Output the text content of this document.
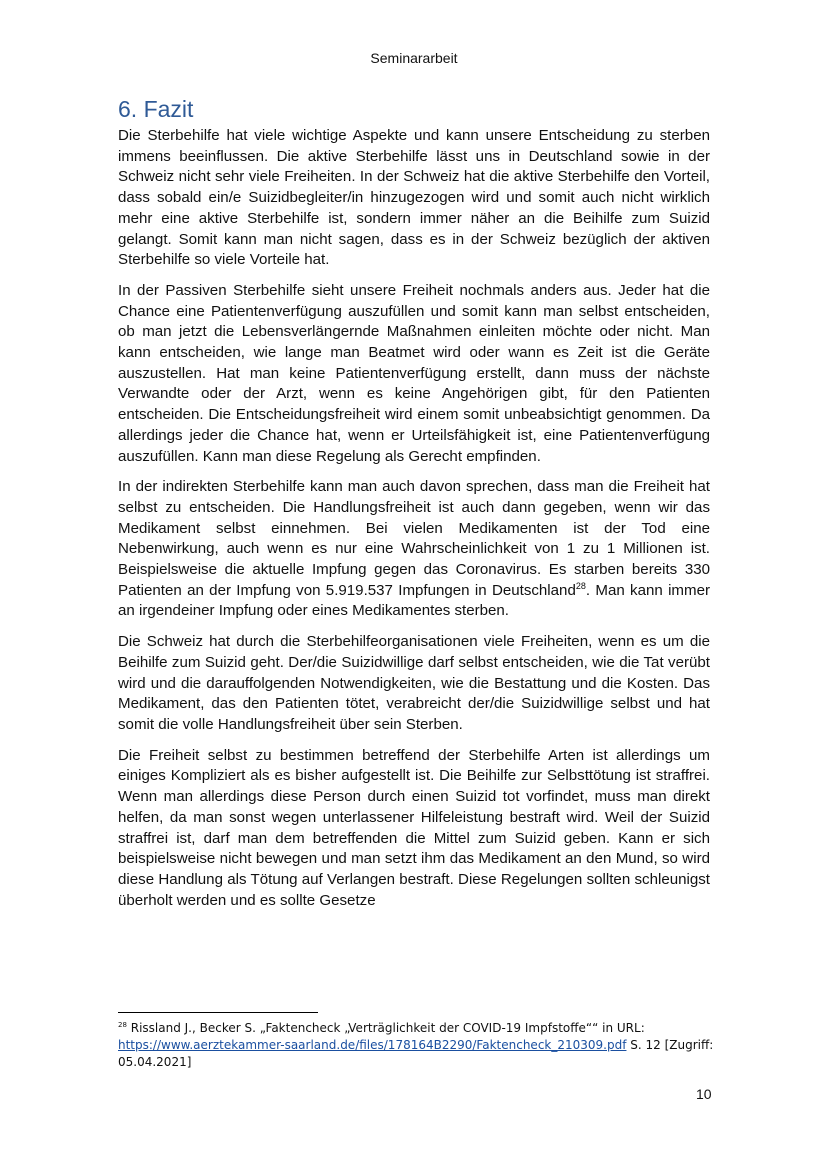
Seminararbeit
6. Fazit

Die Sterbehilfe hat viele wichtige Aspekte und kann unsere Entscheidung zu sterben immens beeinflussen. Die aktive Sterbehilfe lässt uns in Deutschland sowie in der Schweiz nicht sehr viele Freiheiten. In der Schweiz hat die aktive Sterbehilfe den Vorteil, dass sobald ein/e Suizidbegleiter/in hinzugezogen wird und somit auch nicht wirklich mehr eine aktive Sterbehilfe ist, sondern immer näher an die Beihilfe zum Suizid gelangt. Somit kann man nicht sagen, dass es in der Schweiz bezüglich der aktiven Sterbehilfe so viele Vorteile hat.

In der Passiven Sterbehilfe sieht unsere Freiheit nochmals anders aus. Jeder hat die Chance eine Patientenverfügung auszufüllen und somit kann man selbst entscheiden, ob man jetzt die Lebensverlängernde Maßnahmen einleiten möchte oder nicht. Man kann entscheiden, wie lange man Beatmet wird oder wann es Zeit ist die Geräte auszustellen. Hat man keine Patientenverfügung erstellt, dann muss der nächste Verwandte oder der Arzt, wenn es keine Angehörigen gibt, für den Patienten entscheiden. Die Entscheidungsfreiheit wird einem somit unbeabsichtigt genommen. Da allerdings jeder die Chance hat, wenn er Urteilsfähigkeit ist, eine Patientenverfügung auszufüllen. Kann man diese Regelung als Gerecht empfinden.

In der indirekten Sterbehilfe kann man auch davon sprechen, dass man die Freiheit hat selbst zu entscheiden. Die Handlungsfreiheit ist auch dann gegeben, wenn wir das Medikament selbst einnehmen. Bei vielen Medikamenten ist der Tod eine Nebenwirkung, auch wenn es nur eine Wahrscheinlichkeit von 1 zu 1 Millionen ist. Beispielsweise die aktuelle Impfung gegen das Coronavirus. Es starben bereits 330 Patienten an der Impfung von 5.919.537 Impfungen in Deutschland$^{28}$. Man kann immer an irgendeiner Impfung oder eines Medikamentes sterben.

Die Schweiz hat durch die Sterbehilfeorganisationen viele Freiheiten, wenn es um die Beihilfe zum Suizid geht. Der/die Suizidwillige darf selbst entscheiden, wie die Tat verübt wird und die darauffolgenden Notwendigkeiten, wie die Bestattung und die Kosten. Das Medikament, das den Patienten tötet, verabreicht der/die Suizidwillige selbst und hat somit die volle Handlungsfreiheit über sein Sterben.

Die Freiheit selbst zu bestimmen betreffend der Sterbehilfe Arten ist allerdings um einiges Kompliziert als es bisher aufgestellt ist. Die Beihilfe zur Selbsttötung ist straffrei. Wenn man allerdings diese Person durch einen Suizid tot vorfindet, muss man direkt helfen, da man sonst wegen unterlassener Hilfeleistung bestraft wird. Weil der Suizid straffrei ist, darf man dem betreffenden die Mittel zum Suizid geben. Kann er sich beispielsweise nicht bewegen und man setzt ihm das Medikament an den Mund, so wird diese Handlung als Tötung auf Verlangen bestraft. Diese Regelungen sollten schleunigst überholt werden und es sollte Gesetze

$^{28}$ Rissland J., Becker S. „Faktencheck „Verträglichkeit der COVID-19 Impfstoffe““ in URL:
https://www.aerztekammer-saarland.de/files/178164B2290/Faktencheck_210309.pdf S. 12 [Zugriff: 05.04.2021]
10
